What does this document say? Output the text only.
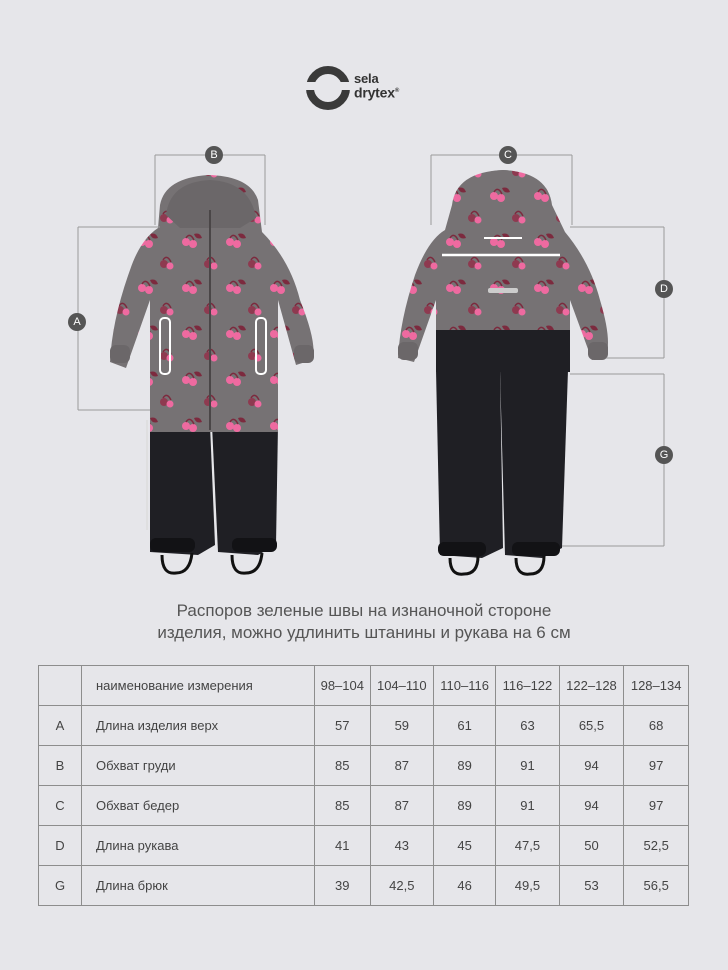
sela
drytex®
A
B	C
D
G
Распоров зеленые швы на изнаночной стороне
изделия, можно удлинить штанины и рукава на 6 см
	наименование измерения	98–104	104–110	110–116	116–122	122–128	128–134
A	Длина изделия верх	57	59	61	63	65,5	68
B	Обхват груди	85	87	89	91	94	97
C	Обхват бедер	85	87	89	91	94	97
D	Длина рукава	41	43	45	47,5	50	52,5
G	Длина брюк	39	42,5	46	49,5	53	56,5
